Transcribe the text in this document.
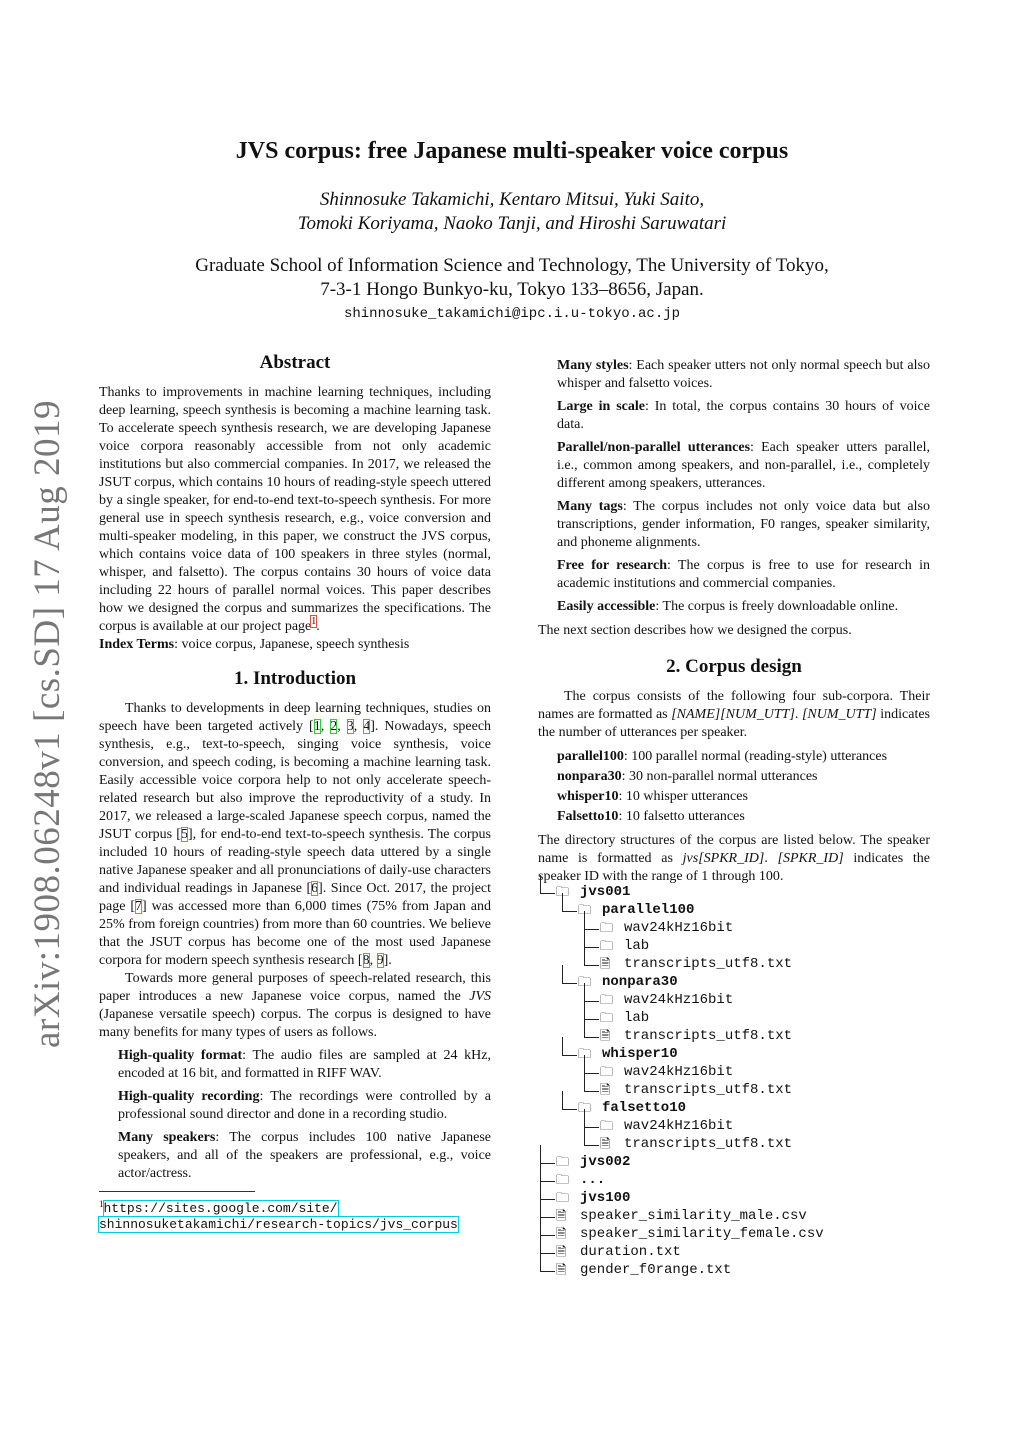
arXiv:1908.06248v1 [cs.SD] 17 Aug 2019
JVS corpus: free Japanese multi-speaker voice corpus
Shinnosuke Takamichi, Kentaro Mitsui, Yuki Saito,
Tomoki Koriyama, Naoko Tanji, and Hiroshi Saruwatari
Graduate School of Information Science and Technology, The University of Tokyo,
7-3-1 Hongo Bunkyo-ku, Tokyo 133–8656, Japan.
shinnosuke_takamichi@ipc.i.u-tokyo.ac.jp
Abstract

Thanks to improvements in machine learning techniques, including deep learning, speech synthesis is becoming a machine learning task. To accelerate speech synthesis research, we are developing Japanese voice corpora reasonably accessible from not only academic institutions but also commercial companies. In 2017, we released the JSUT corpus, which contains 10 hours of reading-style speech uttered by a single speaker, for end-to-end text-to-speech synthesis. For more general use in speech synthesis research, e.g., voice conversion and multi-speaker modeling, in this paper, we construct the JVS corpus, which contains voice data of 100 speakers in three styles (normal, whisper, and falsetto). The corpus contains 30 hours of voice data including 22 hours of parallel normal voices. This paper describes how we designed the corpus and summarizes the specifications. The corpus is available at our project page$^1$.

Index Terms: voice corpus, Japanese, speech synthesis

1. Introduction

Thanks to developments in deep learning techniques, studies on speech have been targeted actively [1, 2, 3, 4]. Nowadays, speech synthesis, e.g., text-to-speech, singing voice synthesis, voice conversion, and speech coding, is becoming a machine learning task. Easily accessible voice corpora help to not only accelerate speech-related research but also improve the reproductivity of a study. In 2017, we released a large-scaled Japanese speech corpus, named the JSUT corpus [5], for end-to-end text-to-speech synthesis. The corpus included 10 hours of reading-style speech data uttered by a single native Japanese speaker and all pronunciations of daily-use characters and individual readings in Japanese [6]. Since Oct. 2017, the project page [7] was accessed more than 6,000 times (75% from Japan and 25% from foreign countries) from more than 60 countries. We believe that the JSUT corpus has become one of the most used Japanese corpora for modern speech synthesis research [8, 9].

Towards more general purposes of speech-related research, this paper introduces a new Japanese voice corpus, named the JVS (Japanese versatile speech) corpus. The corpus is designed to have many benefits for many types of users as follows.

High-quality format: The audio files are sampled at 24 kHz, encoded at 16 bit, and formatted in RIFF WAV.

High-quality recording: The recordings were controlled by a professional sound director and done in a recording studio.

Many speakers: The corpus includes 100 native Japanese speakers, and all of the speakers are professional, e.g., voice actor/actress.

$^1$https://sites.google.com/site/
shinnosuketakamichi/research-topics/jvs_corpus

Many styles: Each speaker utters not only normal speech but also whisper and falsetto voices.

Large in scale: In total, the corpus contains 30 hours of voice data.

Parallel/non-parallel utterances: Each speaker utters parallel, i.e., common among speakers, and non-parallel, i.e., completely different among speakers, utterances.

Many tags: The corpus includes not only voice data but also transcriptions, gender information, F0 ranges, speaker similarity, and phoneme alignments.

Free for research: The corpus is free to use for research in academic institutions and commercial companies.

Easily accessible: The corpus is freely downloadable online.

The next section describes how we designed the corpus.

2. Corpus design

The corpus consists of the following four sub-corpora. Their names are formatted as [NAME][NUM_UTT]. [NUM_UTT] indicates the number of utterances per speaker.

parallel100: 100 parallel normal (reading-style) utterances
nonpara30: 30 non-parallel normal utterances
whisper10: 10 whisper utterances
Falsetto10: 10 falsetto utterances

The directory structures of the corpus are listed below. The speaker name is formatted as jvs[SPKR_ID]. [SPKR_ID] indicates the speaker ID with the range of 1 through 100.

🗀 jvs001
🗀 parallel100
🗀 wav24kHz16bit
🗀 lab
🗎 transcripts_utf8.txt
🗀 nonpara30
🗀 wav24kHz16bit
🗀 lab
🗎 transcripts_utf8.txt
🗀 whisper10
🗀 wav24kHz16bit
🗎 transcripts_utf8.txt
🗀 falsetto10
🗀 wav24kHz16bit
🗎 transcripts_utf8.txt
🗀 jvs002
🗀 ...
🗀 jvs100
🗎 speaker_similarity_male.csv
🗎 speaker_similarity_female.csv
🗎 duration.txt
🗎 gender_f0range.txt
